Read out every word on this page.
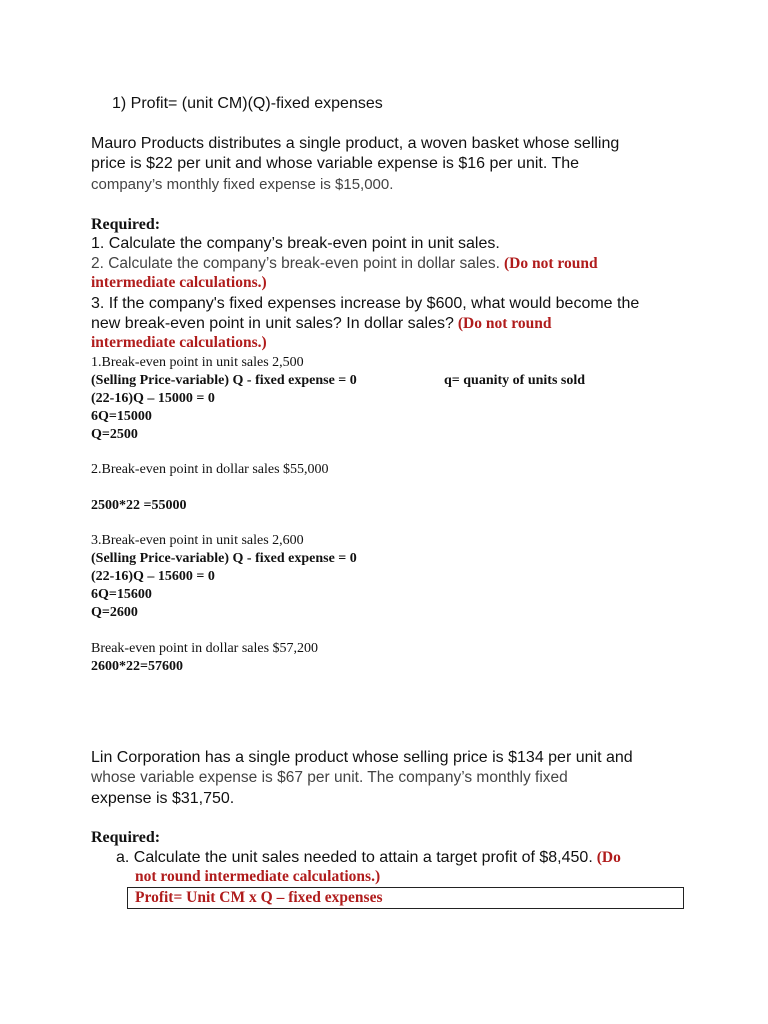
1) Profit= (unit CM)(Q)-fixed expenses
Mauro Products distributes a single product, a woven basket whose selling
price is $22 per unit and whose variable expense is $16 per unit. The
company’s monthly fixed expense is $15,000.
Required:
1. Calculate the company’s break-even point in unit sales.
2. Calculate the company’s break-even point in dollar sales. (Do not round
intermediate calculations.)
3. If the company's fixed expenses increase by $600, what would become the
new break-even point in unit sales? In dollar sales? (Do not round
intermediate calculations.)
1.Break-even point in unit sales 2,500
(Selling Price-variable) Q - fixed expense = 0	q= quanity of units sold
(22-16)Q – 15000 = 0
6Q=15000
Q=2500
2.Break-even point in dollar sales $55,000
2500*22 =55000
3.Break-even point in unit sales 2,600
(Selling Price-variable) Q - fixed expense = 0
(22-16)Q – 15600 = 0
6Q=15600
Q=2600
Break-even point in dollar sales $57,200
2600*22=57600
Lin Corporation has a single product whose selling price is $134 per unit and
whose variable expense is $67 per unit. The company’s monthly fixed
expense is $31,750.
Required:
a. Calculate the unit sales needed to attain a target profit of $8,450. (Do
not round intermediate calculations.)
Profit= Unit CM x Q – fixed expenses
